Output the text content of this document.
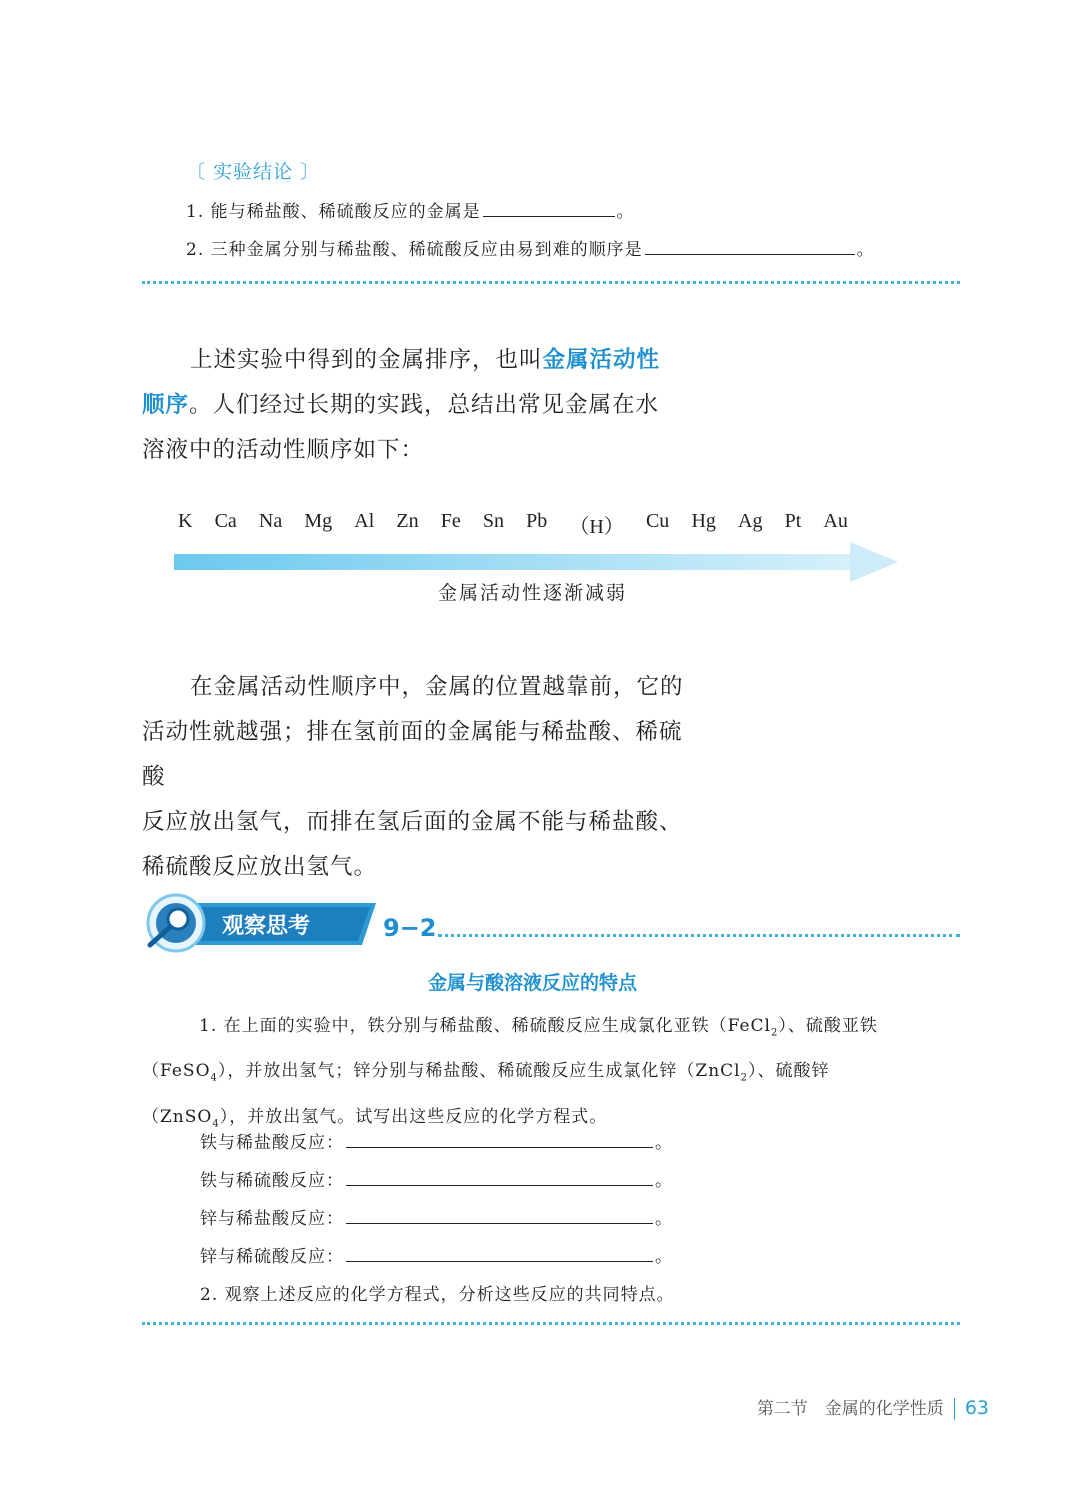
〔 实验结论 〕
1. 能与稀盐酸、稀硫酸反应的金属是	。
2. 三种金属分别与稀盐酸、稀硫酸反应由易到难的顺序是	。
上述实验中得到的金属排序，也叫金属活动性
顺序。人们经过长期的实践，总结出常见金属在水
溶液中的活动性顺序如下：
K Ca Na Mg Al Zn Fe Sn Pb （H） Cu Hg Ag Pt Au
金属活动性逐渐减弱
在金属活动性顺序中，金属的位置越靠前，它的
活动性就越强；排在氢前面的金属能与稀盐酸、稀硫酸
反应放出氢气，而排在氢后面的金属不能与稀盐酸、
稀硫酸反应放出氢气。
观察思考	9−2
金属与酸溶液反应的特点
1. 在上面的实验中，铁分别与稀盐酸、稀硫酸反应生成氯化亚铁（FeCl$_2$）、硫酸亚铁
（FeSO$_4$），并放出氢气；锌分别与稀盐酸、稀硫酸反应生成氯化锌（ZnCl$_2$）、硫酸锌
（ZnSO$_4$），并放出氢气。试写出这些反应的化学方程式。
铁与稀盐酸反应：	。
铁与稀硫酸反应：	。
锌与稀盐酸反应：	。
锌与稀硫酸反应：	。
2. 观察上述反应的化学方程式，分析这些反应的共同特点。
第二节　金属的化学性质 63
